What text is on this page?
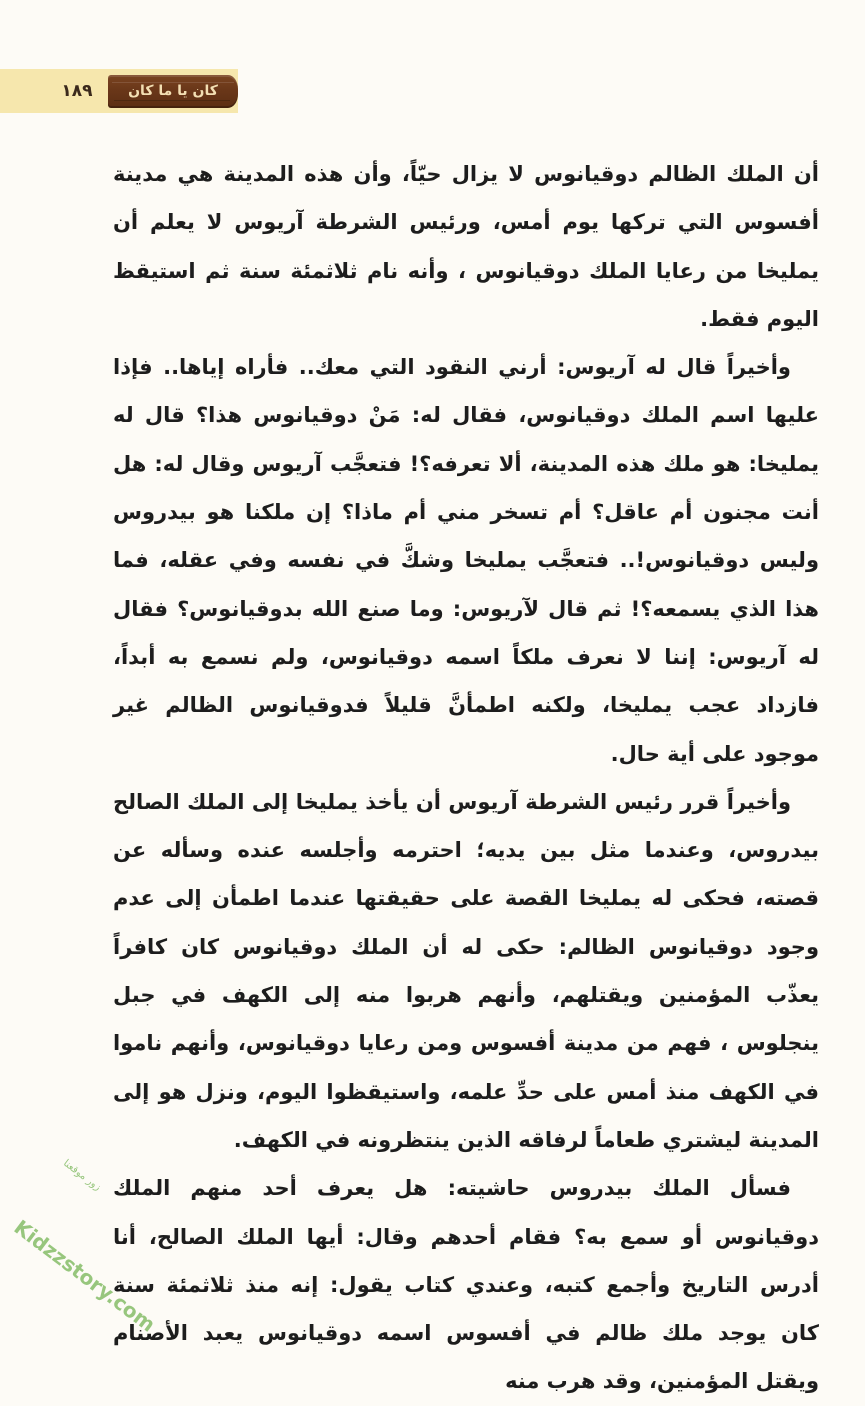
كان يا ما كان
١٨٩

أن الملك الظالم دوقيانوس لا يزال حيّاً، وأن هذه المدينة هي مدينة أفسوس التي تركها يوم أمس، ورئيس الشرطة آريوس لا يعلم أن يمليخا من رعايا الملك دوقيانوس ، وأنه نام ثلاثمئة سنة ثم استيقظ اليوم فقط.

وأخيراً قال له آريوس: أرني النقود التي معك.. فأراه إياها.. فإذا عليها اسم الملك دوقيانوس، فقال له: مَنْ دوقيانوس هذا؟ قال له يمليخا: هو ملك هذه المدينة، ألا تعرفه؟! فتعجَّب آريوس وقال له: هل أنت مجنون أم عاقل؟ أم تسخر مني أم ماذا؟ إن ملكنا هو بيدروس وليس دوقيانوس!.. فتعجَّب يمليخا وشكَّ في نفسه وفي عقله، فما هذا الذي يسمعه؟! ثم قال لآريوس: وما صنع الله بدوقيانوس؟ فقال له آريوس: إننا لا نعرف ملكاً اسمه دوقيانوس، ولم نسمع به أبداً، فازداد عجب يمليخا، ولكنه اطمأنَّ قليلاً فدوقيانوس الظالم غير موجود على أية حال.

وأخيراً قرر رئيس الشرطة آريوس أن يأخذ يمليخا إلى الملك الصالح بيدروس، وعندما مثل بين يديه؛ احترمه وأجلسه عنده وسأله عن قصته، فحكى له يمليخا القصة على حقيقتها عندما اطمأن إلى عدم وجود دوقيانوس الظالم: حكى له أن الملك دوقيانوس كان كافراً يعذّب المؤمنين ويقتلهم، وأنهم هربوا منه إلى الكهف في جبل ينجلوس ، فهم من مدينة أفسوس ومن رعايا دوقيانوس، وأنهم ناموا في الكهف منذ أمس على حدِّ علمه، واستيقظوا اليوم، ونزل هو إلى المدينة ليشتري طعاماً لرفاقه الذين ينتظرونه في الكهف.

فسأل الملك بيدروس حاشيته: هل يعرف أحد منهم الملك دوقيانوس أو سمع به؟ فقام أحدهم وقال: أيها الملك الصالح، أنا أدرس التاريخ وأجمع كتبه، وعندي كتاب يقول: إنه منذ ثلاثمئة سنة كان يوجد ملك ظالم في أفسوس اسمه دوقيانوس يعبد الأصنام ويقتل المؤمنين، وقد هرب منه

زور موقعنا
Kidzzstory.com
